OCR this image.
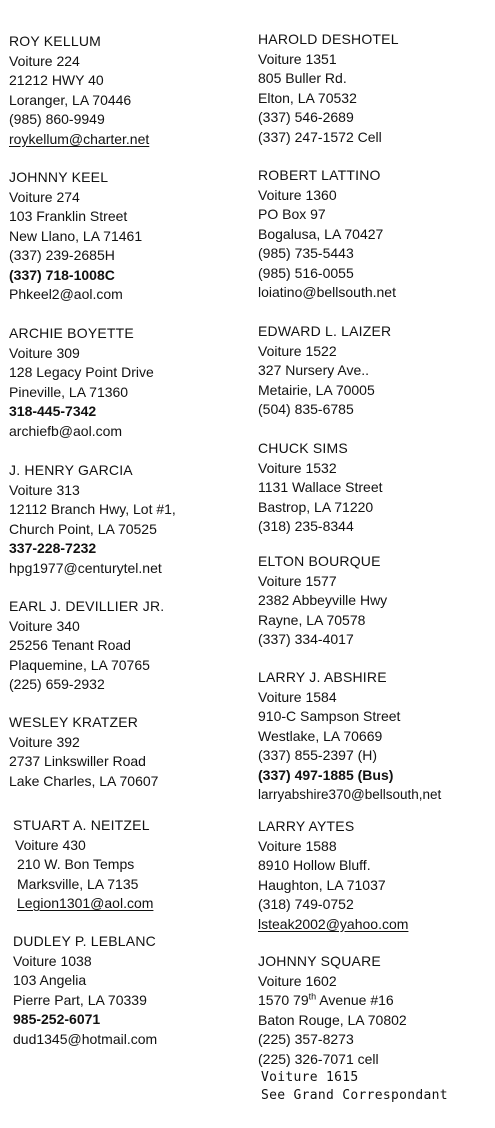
ROY KELLUM
Voiture 224
21212 HWY 40
Loranger, LA 70446
(985) 860-9949
roykellum@charter.net
JOHNNY KEEL
Voiture 274
103 Franklin Street
New Llano, LA 71461
(337) 239-2685H
(337) 718-1008C
Phkeel2@aol.com
ARCHIE BOYETTE
Voiture 309
128 Legacy Point Drive
Pineville, LA 71360
318-445-7342
archiefb@aol.com
J. HENRY GARCIA
Voiture 313
12112 Branch Hwy, Lot #1,
Church Point, LA 70525
337-228-7232
hpg1977@centurytel.net
EARL J. DEVILLIER JR.
Voiture 340
25256 Tenant Road
Plaquemine, LA 70765
(225) 659-2932
WESLEY KRATZER
Voiture 392
2737 Linkswiller Road
Lake Charles, LA 70607
STUART A. NEITZEL
Voiture 430
210 W. Bon Temps
Marksville, LA 7135
Legion1301@aol.com
DUDLEY P. LEBLANC
Voiture 1038
103 Angelia
Pierre Part, LA 70339
985-252-6071
dud1345@hotmail.com
HAROLD DESHOTEL
Voiture 1351
805 Buller Rd.
Elton, LA 70532
(337) 546-2689
(337) 247-1572 Cell
ROBERT LATTINO
Voiture 1360
PO Box 97
Bogalusa, LA 70427
(985) 735-5443
(985) 516-0055
loiatino@bellsouth.net
EDWARD L. LAIZER
Voiture 1522
327 Nursery Ave..
Metairie, LA 70005
(504) 835-6785
CHUCK SIMS
Voiture 1532
1131 Wallace Street
Bastrop, LA 71220
(318) 235-8344
ELTON BOURQUE
Voiture 1577
2382 Abbeyville Hwy
Rayne, LA 70578
(337) 334-4017
LARRY J. ABSHIRE
Voiture 1584
910-C Sampson Street
Westlake, LA 70669
(337) 855-2397 (H)
(337) 497-1885 (Bus)
larryabshire370@bellsouth,net
LARRY AYTES
Voiture 1588
8910 Hollow Bluff.
Haughton, LA 71037
(318) 749-0752
lsteak2002@yahoo.com
JOHNNY SQUARE
Voiture 1602
1570 79th Avenue #16
Baton Rouge, LA 70802
(225) 357-8273
(225) 326-7071 cell
Voiture 1615
See Grand Correspondant
